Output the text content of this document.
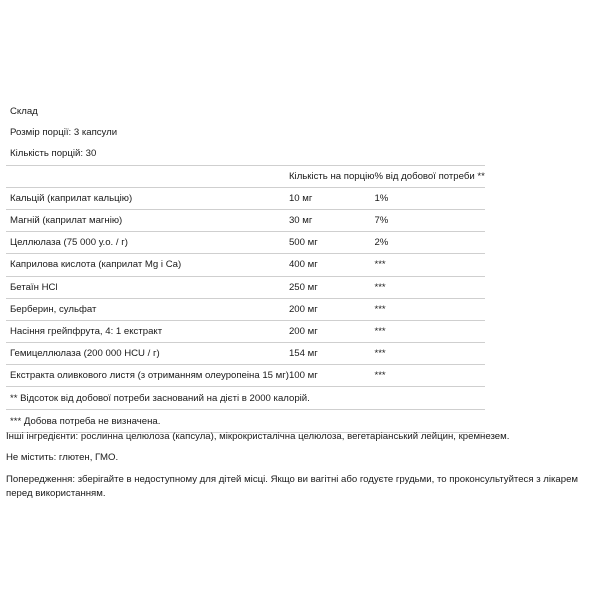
Склад		
Розмір порції: 3 капсули		
Кількість порцій: 30		
	Кількість на порцію	% від добової потреби **
Кальцій (каприлат кальцію)	10 мг	1%
Магній (каприлат магнію)	30 мг	7%
Целлюлаза (75 000 у.о. / г)	500 мг	2%
Каприлова кислота (каприлат Mg і Ca)	400 мг	***
Бетаїн HCl	250 мг	***
Берберин, сульфат	200 мг	***
Насіння грейпфрута, 4: 1 екстракт	200 мг	***
Гемицеллюлаза (200 000 HCU / г)	154 мг	***
Екстракта оливкового листя (з отриманням олеуропеіна 15 мг)	100 мг	***
** Відсоток від добової потреби заснований на дієті в 2000 калорій.		
*** Добова потреба не визначена.		

Інші інгредієнти: рослинна целюлоза (капсула), мікрокристалічна целюлоза, вегетаріанський лейцин, кремнезем.

Не містить: глютен, ГМО.

Попередження: зберігайте в недоступному для дітей місці. Якщо ви вагітні або годуєте грудьми, то проконсультуйтеся з лікарем перед використанням.
